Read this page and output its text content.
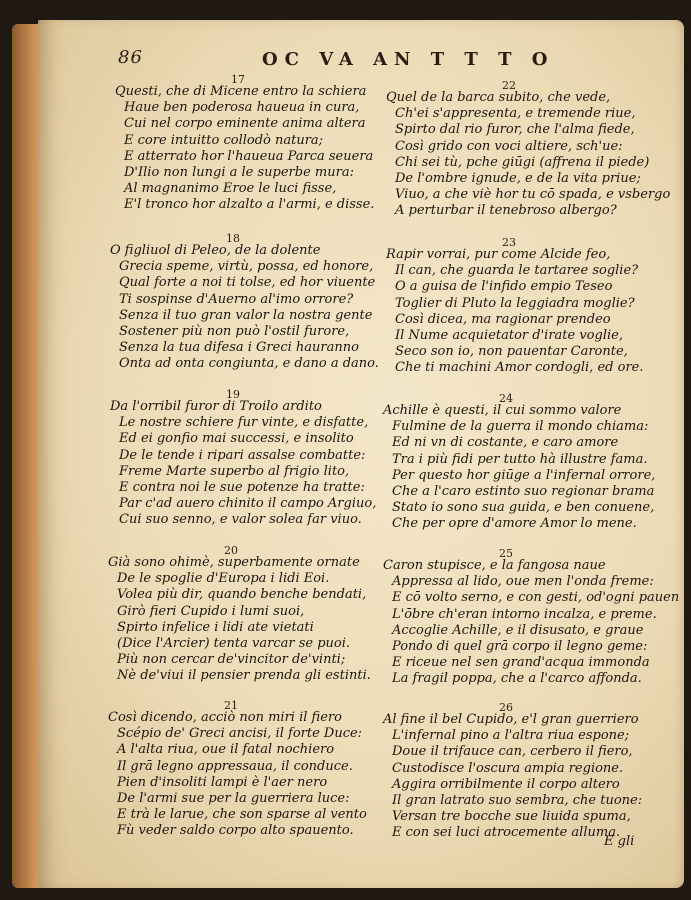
86	OC VA AN T T T O
17
Questi, che di Micene entro la schiera
Haue ben poderosa haueua in cura,
Cui nel corpo eminente anima altera
E core intuitto collodò natura;
E atterrato hor l'haueua Parca seuera
D'Ilio non lungi a le superbe mura:
Al magnanimo Eroe le luci fisse,
E'l tronco hor alzalto a l'armi, e disse.
18
O figliuol di Peleo, de la dolente
Grecia speme, virtù, possa, ed honore,
Qual forte a noi ti tolse, ed hor viuente
Ti sospinse d'Auerno al'imo orrore?
Senza il tuo gran valor la nostra gente
Sostener più non può l'ostil furore,
Senza la tua difesa i Greci hauranno
Onta ad onta congiunta, e dano a dano.
19
Da l'orribil furor di Troilo ardito
Le nostre schiere fur vinte, e disfatte,
Ed ei gonfio mai successi, e insolito
De le tende i ripari assalse combatte:
Freme Marte superbo al frigio lito,
E contra noi le sue potenze ha tratte:
Par c'ad auero chinito il campo Argiuo,
Cui suo senno, e valor solea far viuo.
20
Già sono ohimè, superbamente ornate
De le spoglie d'Europa i lidi Eoi.
Volea più dir, quando benche bendati,
Girò fieri Cupido i lumi suoi,
Spirto infelice i lidi ate vietati
(Dice l'Arcier) tenta varcar se puoi.
Più non cercar de'vincitor de'vinti;
Nè de'viui il pensier prenda gli estinti.
21
Così dicendo, acciò non miri il fiero
Scépio de' Greci ancisi, il forte Duce:
A l'alta riua, oue il fatal nochiero
Il grā legno appressaua, il conduce.
Pien d'insoliti lampi è l'aer nero
De l'armi sue per la guerriera luce:
E trà le larue, che son sparse al vento
Fù veder saldo corpo alto spauento.
22
Quel de la barca subito, che vede,
Ch'ei s'appresenta, e tremende riue,
Spirto dal rio furor, che l'alma fiede,
Così grido con voci altiere, sch'ue:
Chi sei tù, pche giūgi (affrena il piede)
De l'ombre ignude, e de la vita priue;
Viuo, a che viè hor tu cō spada, e vsbergo
A perturbar il tenebroso albergo?
23
Rapir vorrai, pur come Alcide feo,
Il can, che guarda le tartaree soglie?
O a guisa de l'infido empio Teseo
Toglier di Pluto la leggiadra moglie?
Così dicea, ma ragionar prendeo
Il Nume acquietator d'irate voglie,
Seco son io, non pauentar Caronte,
Che ti machini Amor cordogli, ed ore.
24
Achille è questi, il cui sommo valore
Fulmine de la guerra il mondo chiama:
Ed ni vn di costante, e caro amore
Tra i più fidi per tutto hà illustre fama.
Per questo hor giūge a l'infernal orrore,
Che a l'caro estinto suo regionar brama
Stato io sono sua guida, e ben conuene,
Che per opre d'amore Amor lo mene.
25
Caron stupisce, e la fangosa naue
Appressa al lido, oue men l'onda freme:
E cō volto serno, e con gesti, od'ogni pauen
L'ōbre ch'eran intorno incalza, e preme.
Accoglie Achille, e il disusato, e graue
Pondo di quel grā corpo il legno geme:
E riceue nel sen grand'acqua immonda
La fragil poppa, che a l'carco affonda.
26
Al fine il bel Cupido, e'l gran guerriero
L'infernal pino a l'altra riua espone;
Doue il trifauce can, cerbero il fiero,
Custodisce l'oscura ampia regione.
Aggira orribilmente il corpo altero
Il gran latrato suo sembra, che tuone:
Versan tre bocche sue liuida spuma,
E con sei luci atrocemente alluma.
E gli
